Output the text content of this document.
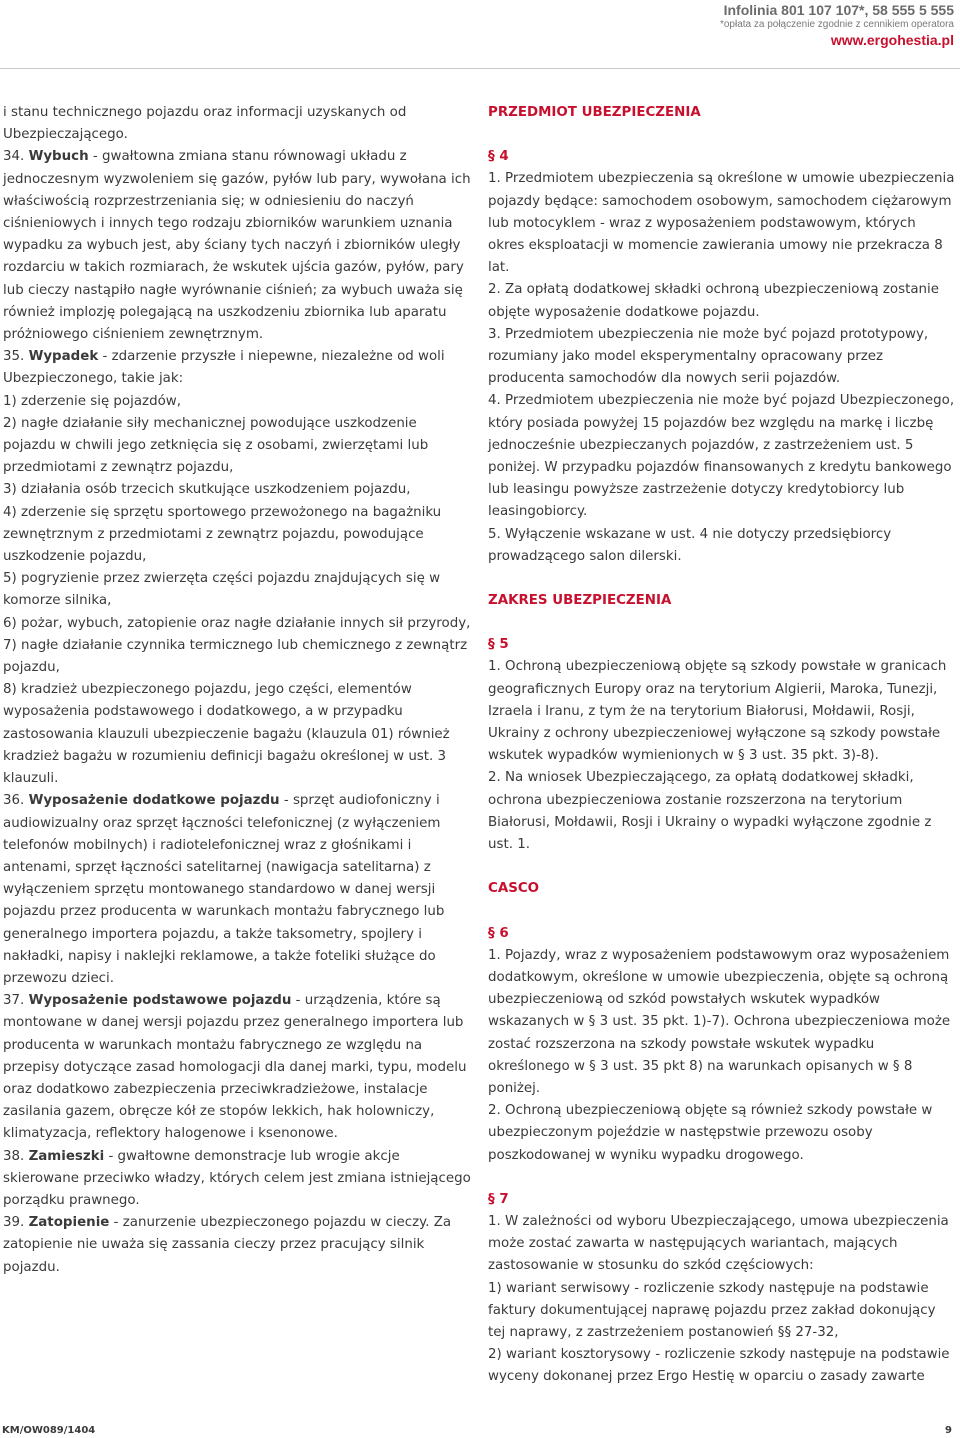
Infolinia 801 107 107*, 58 555 5 555
*opłata za połączenie zgodnie z cennikiem operatora
www.ergohestia.pl

i stanu technicznego pojazdu oraz informacji uzyskanych od Ubezpieczającego.

34. Wybuch - gwałtowna zmiana stanu równowagi układu z jednoczesnym wyzwoleniem się gazów, pyłów lub pary, wywołana ich właściwością rozprzestrzeniania się; w odniesieniu do naczyń ciśnieniowych i innych tego rodzaju zbiorników warunkiem uznania wypadku za wybuch jest, aby ściany tych naczyń i zbiorników uległy rozdarciu w takich rozmiarach, że wskutek ujścia gazów, pyłów, pary lub cieczy nastąpiło nagłe wyrównanie ciśnień; za wybuch uważa się również implozję polegającą na uszkodzeniu zbiornika lub aparatu próżniowego ciśnieniem zewnętrznym.

35. Wypadek - zdarzenie przyszłe i niepewne, niezależne od woli Ubezpieczonego, takie jak:

1) zderzenie się pojazdów,

2) nagłe działanie siły mechanicznej powodujące uszkodzenie pojazdu w chwili jego zetknięcia się z osobami, zwierzętami lub przedmiotami z zewnątrz pojazdu,

3) działania osób trzecich skutkujące uszkodzeniem pojazdu,

4) zderzenie się sprzętu sportowego przewożonego na bagażniku zewnętrznym z przedmiotami z zewnątrz pojazdu, powodujące uszkodzenie pojazdu,

5) pogryzienie przez zwierzęta części pojazdu znajdujących się w komorze silnika,

6) pożar, wybuch, zatopienie oraz nagłe działanie innych sił przyrody,

7) nagłe działanie czynnika termicznego lub chemicznego z zewnątrz pojazdu,

8) kradzież ubezpieczonego pojazdu, jego części, elementów wyposażenia podstawowego i dodatkowego, a w przypadku zastosowania klauzuli ubezpieczenie bagażu (klauzula 01) również kradzież bagażu w rozumieniu definicji bagażu określonej w ust. 3 klauzuli.

36. Wyposażenie dodatkowe pojazdu - sprzęt audiofoniczny i audiowizualny oraz sprzęt łączności telefonicznej (z wyłączeniem telefonów mobilnych) i radiotelefonicznej wraz z głośnikami i antenami, sprzęt łączności satelitarnej (nawigacja satelitarna) z wyłączeniem sprzętu montowanego standardowo w danej wersji pojazdu przez producenta w warunkach montażu fabrycznego lub generalnego importera pojazdu, a także taksometry, spojlery i nakładki, napisy i naklejki reklamowe, a także foteliki służące do przewozu dzieci.

37. Wyposażenie podstawowe pojazdu - urządzenia, które są montowane w danej wersji pojazdu przez generalnego importera lub producenta w warunkach montażu fabrycznego ze względu na przepisy dotyczące zasad homologacji dla danej marki, typu, modelu oraz dodatkowo zabezpieczenia przeciwkradzieżowe, instalacje zasilania gazem, obręcze kół ze stopów lekkich, hak holowniczy, klimatyzacja, reflektory halogenowe i ksenonowe.

38. Zamieszki - gwałtowne demonstracje lub wrogie akcje skierowane przeciwko władzy, których celem jest zmiana istniejącego porządku prawnego.

39. Zatopienie - zanurzenie ubezpieczonego pojazdu w cieczy. Za zatopienie nie uważa się zassania cieczy przez pracujący silnik pojazdu.

PRZEDMIOT UBEZPIECZENIA

§ 4

1. Przedmiotem ubezpieczenia są określone w umowie ubezpieczenia pojazdy będące: samochodem osobowym, samochodem ciężarowym lub motocyklem - wraz z wyposażeniem podstawowym, których okres eksploatacji w momencie zawierania umowy nie przekracza 8 lat.

2. Za opłatą dodatkowej składki ochroną ubezpieczeniową zostanie objęte wyposażenie dodatkowe pojazdu.

3. Przedmiotem ubezpieczenia nie może być pojazd prototypowy, rozumiany jako model eksperymentalny opracowany przez producenta samochodów dla nowych serii pojazdów.

4. Przedmiotem ubezpieczenia nie może być pojazd Ubezpieczonego, który posiada powyżej 15 pojazdów bez względu na markę i liczbę jednocześnie ubezpieczanych pojazdów, z zastrzeżeniem ust. 5 poniżej. W przypadku pojazdów finansowanych z kredytu bankowego lub leasingu powyższe zastrzeżenie dotyczy kredytobiorcy lub leasingobiorcy.

5. Wyłączenie wskazane w ust. 4 nie dotyczy przedsiębiorcy prowadzącego salon dilerski.

ZAKRES UBEZPIECZENIA

§ 5

1. Ochroną ubezpieczeniową objęte są szkody powstałe w granicach geograficznych Europy oraz na terytorium Algierii, Maroka, Tunezji, Izraela i Iranu, z tym że na terytorium Białorusi, Mołdawii, Rosji, Ukrainy z ochrony ubezpieczeniowej wyłączone są szkody powstałe wskutek wypadków wymienionych w § 3 ust. 35 pkt. 3)-8).

2. Na wniosek Ubezpieczającego, za opłatą dodatkowej składki, ochrona ubezpieczeniowa zostanie rozszerzona na terytorium Białorusi, Mołdawii, Rosji i Ukrainy o wypadki wyłączone zgodnie z ust. 1.

CASCO

§ 6

1. Pojazdy, wraz z wyposażeniem podstawowym oraz wyposażeniem dodatkowym, określone w umowie ubezpieczenia, objęte są ochroną ubezpieczeniową od szkód powstałych wskutek wypadków wskazanych w § 3 ust. 35 pkt. 1)-7). Ochrona ubezpieczeniowa może zostać rozszerzona na szkody powstałe wskutek wypadku określonego w § 3 ust. 35 pkt 8) na warunkach opisanych w § 8 poniżej.

2. Ochroną ubezpieczeniową objęte są również szkody powstałe w ubezpieczonym pojeździe w następstwie przewozu osoby poszkodowanej w wyniku wypadku drogowego.

§ 7

1. W zależności od wyboru Ubezpieczającego, umowa ubezpieczenia może zostać zawarta w następujących wariantach, mających zastosowanie w stosunku do szkód częściowych:

1) wariant serwisowy - rozliczenie szkody następuje na podstawie faktury dokumentującej naprawę pojazdu przez zakład dokonujący tej naprawy, z zastrzeżeniem postanowień §§ 27-32,

2) wariant kosztorysowy - rozliczenie szkody następuje na podstawie wyceny dokonanej przez Ergo Hestię w oparciu o zasady zawarte

KM/OW089/1404	9
